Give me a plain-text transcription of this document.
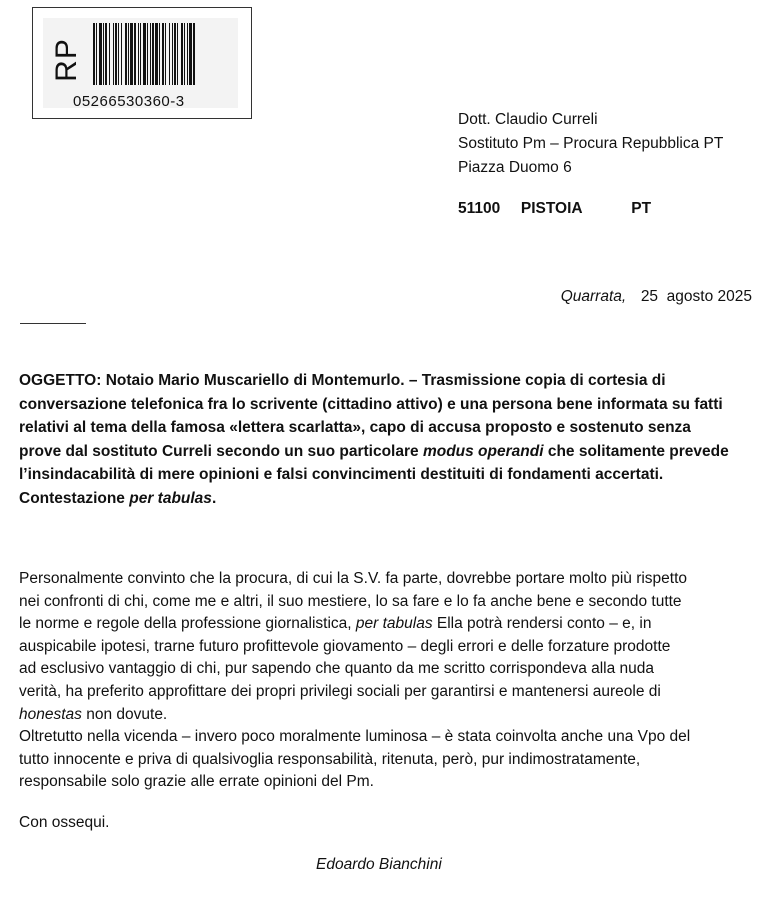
RP
05266530360-3
Dott. Claudio Curreli
Sostituto Pm – Procura Repubblica PT
Piazza Duomo 6
51100 PISTOIA	PT
Quarrata, 25  agosto 2025
OGGETTO: Notaio Mario Muscariello di Montemurlo. – Trasmissione copia di cortesia di
conversazione telefonica fra lo scrivente (cittadino attivo) e una persona bene informata su fatti
relativi al tema della famosa «lettera scarlatta», capo di accusa proposto e sostenuto senza
prove dal sostituto Curreli secondo un suo particolare modus operandi che solitamente prevede
l’insindacabilità di mere opinioni e falsi convincimenti destituiti di fondamenti accertati.
Contestazione per tabulas.
Personalmente convinto che la procura, di cui la S.V. fa parte, dovrebbe portare molto più rispetto
nei confronti di chi, come me e altri, il suo mestiere, lo sa fare e lo fa anche bene e secondo tutte
le norme e regole della professione giornalistica, per tabulas Ella potrà rendersi conto – e, in
auspicabile ipotesi, trarne futuro profittevole giovamento – degli errori e delle forzature prodotte
ad esclusivo vantaggio di chi, pur sapendo che quanto da me scritto corrispondeva alla nuda
verità, ha preferito approfittare dei propri privilegi sociali per garantirsi e mantenersi aureole di
honestas non dovute.
Oltretutto nella vicenda – invero poco moralmente luminosa – è stata coinvolta anche una Vpo del
tutto innocente e priva di qualsivoglia responsabilità, ritenuta, però, pur indimostratamente,
responsabile solo grazie alle errate opinioni del Pm.
Con ossequi.
Edoardo Bianchini
